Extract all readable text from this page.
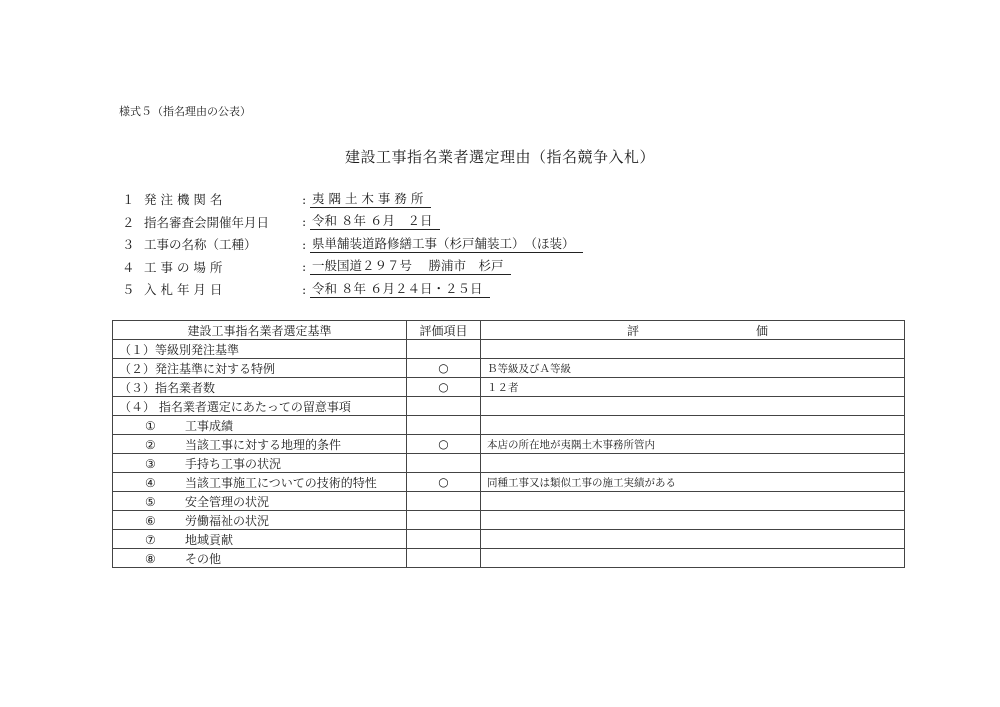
様式５（指名理由の公表）
建設工事指名業者選定理由（指名競争入札）
１ 発 注 機 関 名	: 夷 隅 土 木 事 務 所
２ 指名審査会開催年月日	: 令和 ８年 ６月　２日
３ 工事の名称（工種）	: 県単舗装道路修繕工事（杉戸舗装工）　（ほ装）
４ 工 事 の 場 所	: 一般国道２９７号　 勝浦市　杉戸
５ 入 札 年 月 日	: 令和 ８年 ６月２４日・２５日
建設工事指名業者選定基準	評価項目	評 価

（１）等級別発注基準		
（２）発注基準に対する特例	○	Ｂ等級及びＡ等級
（３）指名業者数	○	１２者
（４） 指名業者選定にあたっての留意事項		
① 工事成績		
② 当該工事に対する地理的条件	○	本店の所在地が夷隅土木事務所管内
③ 手持ち工事の状況		
④ 当該工事施工についての技術的特性	○	同種工事又は類似工事の施工実績がある
⑤ 安全管理の状況		
⑥ 労働福祉の状況		
⑦ 地域貢献		
⑧ その他		
